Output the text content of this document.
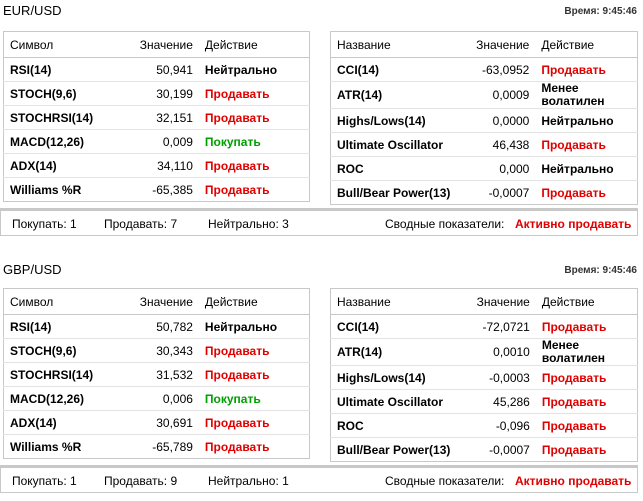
EUR/USD	Время: 9:45:46
Символ	Значение	Действие
RSI(14)	50,941	Нейтрально
STOCH(9,6)	30,199	Продавать
STOCHRSI(14)	32,151	Продавать
MACD(12,26)	0,009	Покупать
ADX(14)	34,110	Продавать
Williams %R	-65,385	Продавать
Название	Значение	Действие
CCI(14)	-63,0952	Продавать
ATR(14)	0,0009	Менее волатилен
Highs/Lows(14)	0,0000	Нейтрально
Ultimate Oscillator	46,438	Продавать
ROC	0,000	Нейтрально
Bull/Bear Power(13)	-0,0007	Продавать
Покупать: 1 Продавать: 7	Нейтрально: 3	Сводные показатели: Активно продавать
GBP/USD	Время: 9:45:46
Символ	Значение	Действие
RSI(14)	50,782	Нейтрально
STOCH(9,6)	30,343	Продавать
STOCHRSI(14)	31,532	Продавать
MACD(12,26)	0,006	Покупать
ADX(14)	30,691	Продавать
Williams %R	-65,789	Продавать
Название	Значение	Действие
CCI(14)	-72,0721	Продавать
ATR(14)	0,0010	Менее волатилен
Highs/Lows(14)	-0,0003	Продавать
Ultimate Oscillator	45,286	Продавать
ROC	-0,096	Продавать
Bull/Bear Power(13)	-0,0007	Продавать
Покупать: 1 Продавать: 9	Нейтрально: 1	Сводные показатели: Активно продавать
